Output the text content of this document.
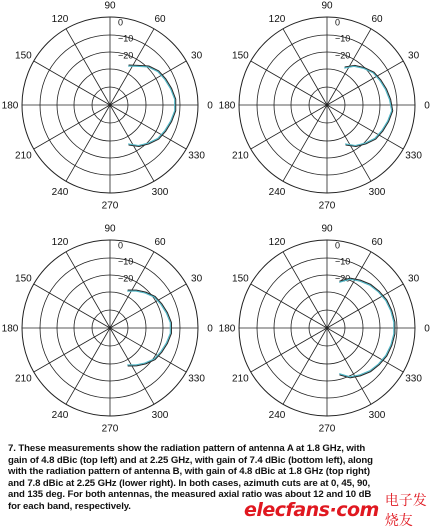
90
60
30
0
330
300
270
240
210
180
150
120	0
−10
−20
90
60
30
0
330
300
270
240
210
180
150
120	0
−10
−20
90
60
30
0
330
300
270
240
210
180
150
120	0
−10
−20
90
60
30
0
330
300
270
240
210
180
150
120	0
−10
−20
7. These measurements show the radiation pattern of antenna A at 1.8 GHz, with
gain of 4.8 dBic (top left) and at 2.25 GHz, with gain of 7.4 dBic (bottom left), along
with the radiation pattern of antenna B, with gain of 4.8 dBic at 1.8 GHz (top right)
and 7.8 dBic at 2.25 GHz (lower right). In both cases, azimuth cuts are at 0, 45, 90,
and 135 deg. For both antennas, the measured axial ratio was about 12 and 10 dB
for each band, respectively.	elecfans·com 电子发烧友
